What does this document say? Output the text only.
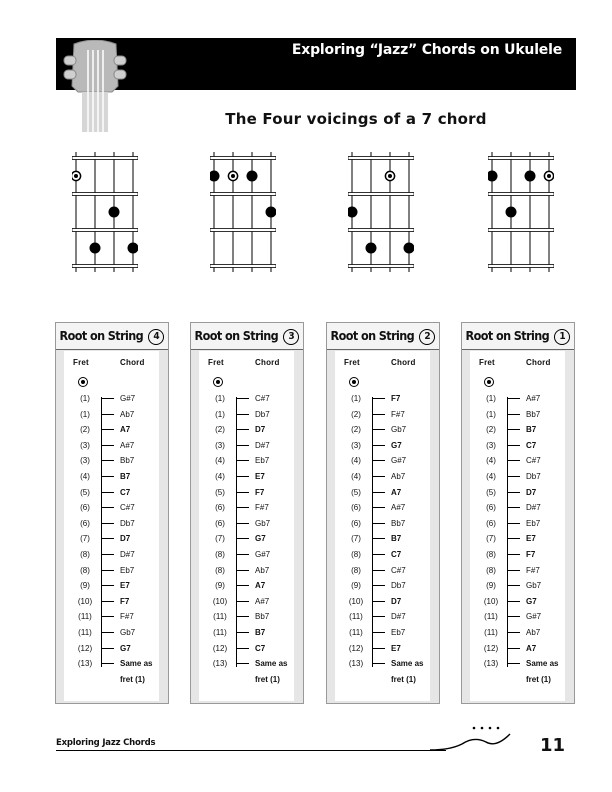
Exploring “Jazz” Chords on Ukulele
The Four voicings of a 7 chord
Root on String 4
Fret	Chord
(1)	G#7
(1)	Ab7
(2)	A7
(3)	A#7
(3)	Bb7
(4)	B7
(5)	C7
(6)	C#7
(6)	Db7
(7)	D7
(8)	D#7
(8)	Eb7
(9)	E7
(10)	F7
(11)	F#7
(11)	Gb7
(12)	G7
(13)	Same as
fret (1)
Root on String 3
Fret	Chord
(1)	C#7
(1)	Db7
(2)	D7
(3)	D#7
(4)	Eb7
(4)	E7
(5)	F7
(6)	F#7
(6)	Gb7
(7)	G7
(8)	G#7
(8)	Ab7
(9)	A7
(10)	A#7
(11)	Bb7
(11)	B7
(12)	C7
(13)	Same as
fret (1)
Root on String 2
Fret	Chord
(1)	F7
(2)	F#7
(2)	Gb7
(3)	G7
(4)	G#7
(4)	Ab7
(5)	A7
(6)	A#7
(6)	Bb7
(7)	B7
(8)	C7
(8)	C#7
(9)	Db7
(10)	D7
(11)	D#7
(11)	Eb7
(12)	E7
(13)	Same as
fret (1)
Root on String 1
Fret	Chord
(1)	A#7
(1)	Bb7
(2)	B7
(3)	C7
(4)	C#7
(4)	Db7
(5)	D7
(6)	D#7
(6)	Eb7
(7)	E7
(8)	F7
(8)	F#7
(9)	Gb7
(10)	G7
(11)	G#7
(11)	Ab7
(12)	A7
(13)	Same as
fret (1)
Exploring Jazz Chords	11
